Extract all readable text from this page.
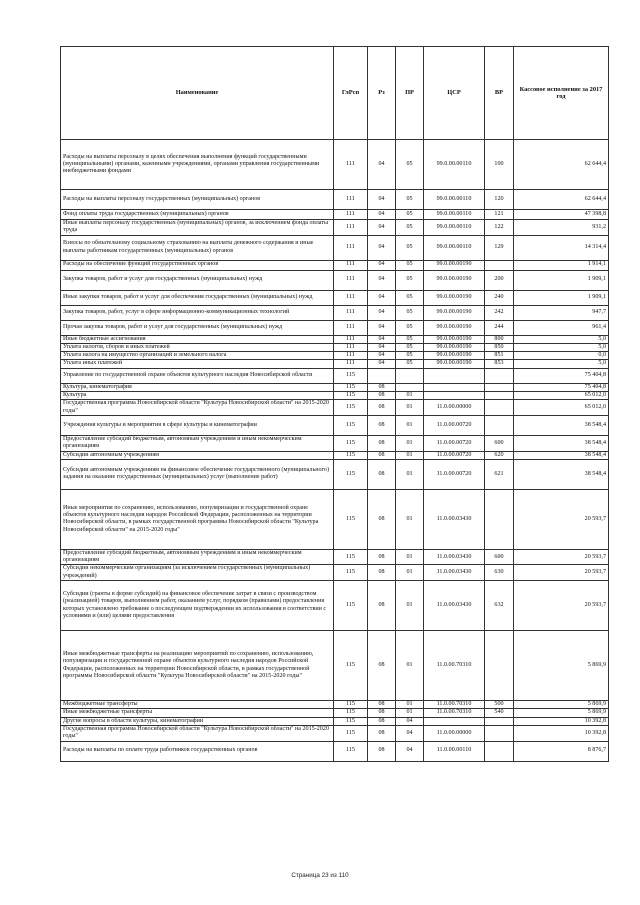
Наименование	ГлРсп	Рз	ПР	ЦСР	ВР	Кассовое исполнение за 2017 год
Расходы на выплаты персоналу в целях обеспечения выполнения функций государственными (муниципальными) органами, казенными учреждениями, органами управления государственными внебюджетными фондами	111	04	05	99.0.00.00110	100	62 644,4
Расходы на выплаты персоналу государственных (муниципальных) органов	111	04	05	99.0.00.00110	120	62 644,4
Фонд оплаты труда государственных (муниципальных) органов	111	04	05	99.0.00.00110	121	47 398,8
Иные выплаты персоналу государственных (муниципальных) органов, за исключением фонда оплаты труда	111	04	05	99.0.00.00110	122	931,2
Взносы по обязательному социальному страхованию на выплаты денежного содержания и иные выплаты работникам государственных (муниципальных) органов	111	04	05	99.0.00.00110	129	14 314,4
Расходы на обеспечение функций государственных органов	111	04	05	99.0.00.00190		1 914,1
Закупка товаров, работ и услуг для государственных (муниципальных) нужд	111	04	05	99.0.00.00190	200	1 909,1
Иные закупки товаров, работ и услуг для обеспечения государственных (муниципальных) нужд	111	04	05	99.0.00.00190	240	1 909,1
Закупка товаров, работ, услуг в сфере информационно-коммуникационных технологий	111	04	05	99.0.00.00190	242	947,7
Прочая закупка товаров, работ и услуг для государственных (муниципальных) нужд	111	04	05	99.0.00.00190	244	961,4
Иные бюджетные ассигнования	111	04	05	99.0.00.00190	800	5,0
Уплата налогов, сборов и иных платежей	111	04	05	99.0.00.00190	850	5,0
Уплата налога на имущество организаций и земельного налога	111	04	05	99.0.00.00190	851	0,0
Уплата иных платежей	111	04	05	99.0.00.00190	853	5,0
Управление по государственной охране объектов культурного наследия Новосибирской области	115					75 404,8
Культура, кинематография	115	08				75 404,8
Культура	115	08	01			65 012,0
Государственная программа Новосибирской области "Культура Новосибирской области" на 2015-2020 годы"	115	08	01	11.0.00.00000		65 012,0
Учреждения культуры и мероприятия в сфере культуры и кинематографии	115	08	01	11.0.00.00720		38 548,4
Предоставление субсидий бюджетным, автономным учреждениям и иным некоммерческим организациям	115	08	01	11.0.00.00720	600	38 548,4
Субсидии автономным учреждениям	115	08	01	11.0.00.00720	620	38 548,4
Субсидии автономным учреждениям на финансовое обеспечение государственного (муниципального) задания на оказание государственных (муниципальных) услуг (выполнение работ)	115	08	01	11.0.00.00720	621	38 548,4
Иные мероприятия по сохранению, использованию, популяризации и государственной охране объектов культурного наследия народов Российской Федерации, расположенных на территории Новосибирской области, в рамках государственной программы Новосибирской области "Культура Новосибирской области" на 2015-2020 годы"	115	08	01	11.0.00.03430		20 593,7
Предоставление субсидий бюджетным, автономным учреждениям и иным некоммерческим организациям	115	08	01	11.0.00.03430	600	20 593,7
Субсидии некоммерческим организациям (за исключением государственных (муниципальных) учреждений)	115	08	01	11.0.00.03430	630	20 593,7
Субсидии (гранты в форме субсидий) на финансовое обеспечение затрат в связи с производством (реализацией) товаров, выполнением работ, оказанием услуг, порядком (правилами) предоставления которых установлено требование о последующем подтверждении их использования в соответствии с условиями и (или) целями предоставления	115	08	01	11.0.00.03430	632	20 593,7
Иные межбюджетные трансферты на реализацию мероприятий по сохранению, использованию, популяризации и государственной охране объектов культурного наследия народов Российской Федерации, расположенных на территории Новосибирской области, в рамках государственной программы Новосибирской области "Культура Новосибирской области" на 2015-2020 годы"	115	08	01	11.0.00.70310		5 869,9
Межбюджетные трансферты	115	08	01	11.0.00.70310	500	5 869,9
Иные межбюджетные трансферты	115	08	01	11.0.00.70310	540	5 869,9
Другие вопросы в области культуры, кинематографии	115	08	04			10 392,8
Государственная программа Новосибирской области "Культура Новосибирской области" на 2015-2020 годы"	115	08	04	11.0.00.00000		10 392,8
Расходы на выплаты по оплате труда работников государственных органов	115	08	04	11.0.00.00110		8 876,7
Страница 23 из 110
